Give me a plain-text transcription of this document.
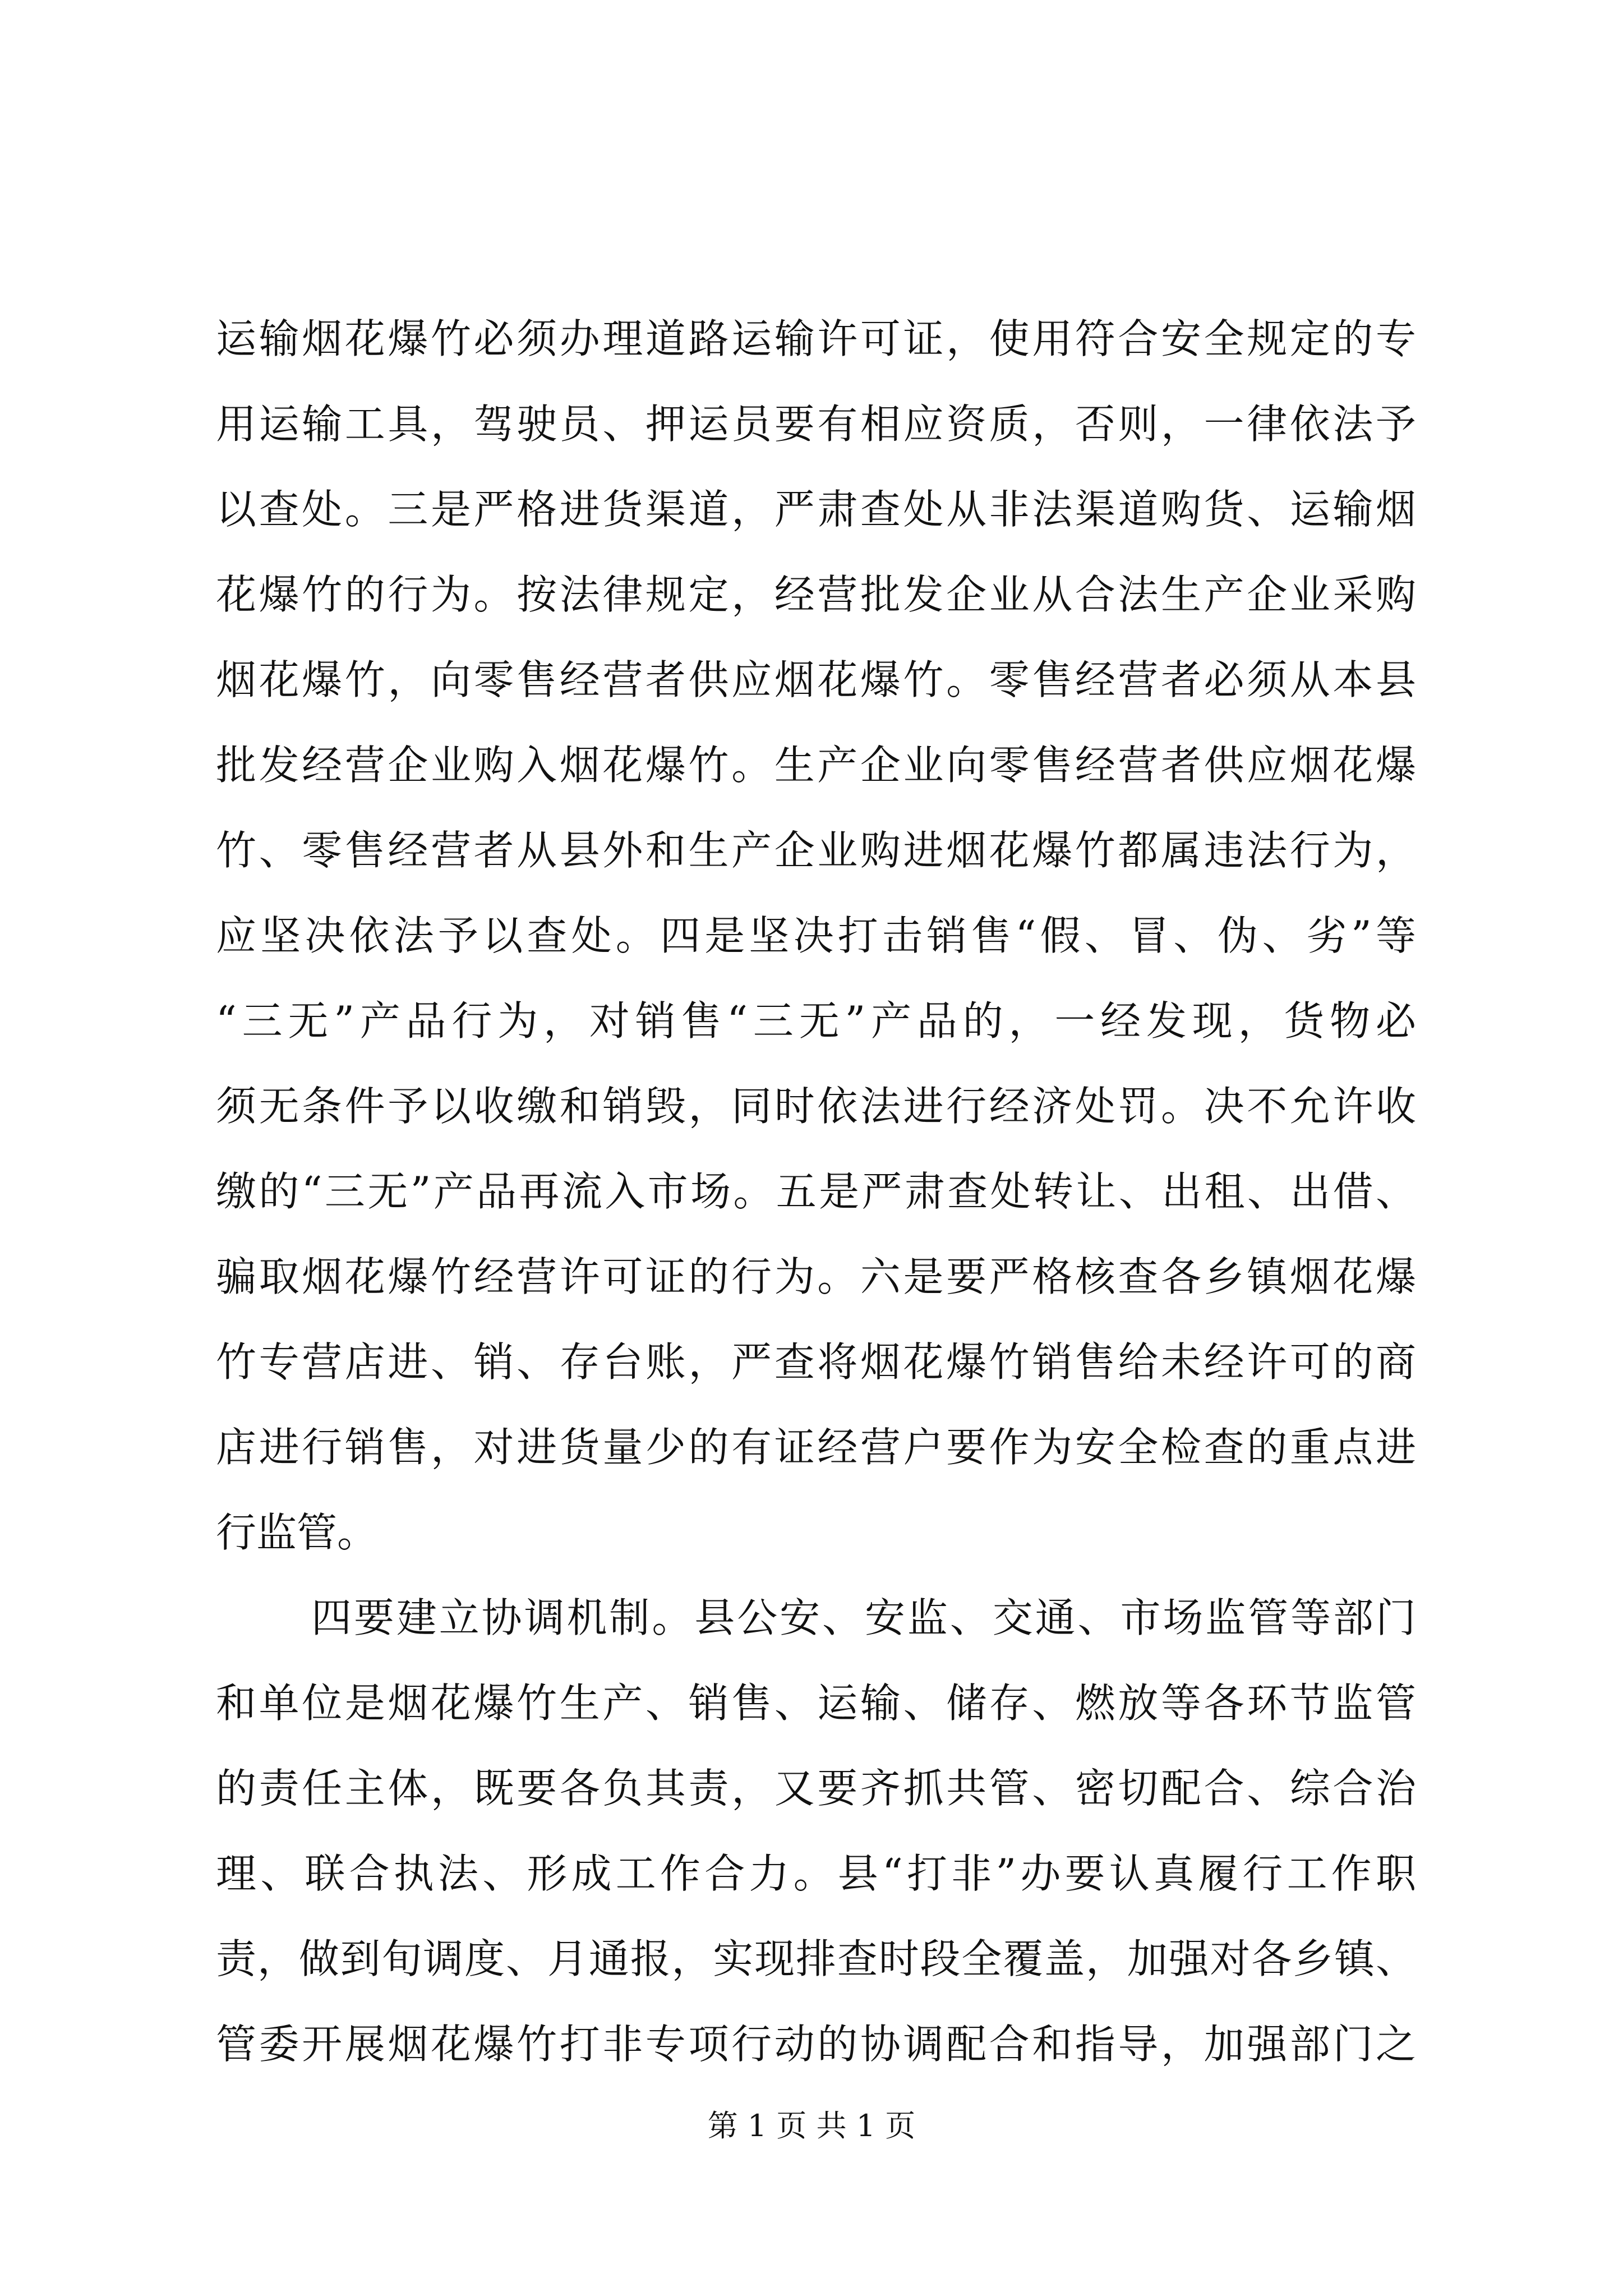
运输烟花爆竹必须办理道路运输许可证，使用符合安全规定的专
用运输工具，驾驶员、押运员要有相应资质，否则，一律依法予
以查处。三是严格进货渠道，严肃查处从非法渠道购货、运输烟
花爆竹的行为。按法律规定，经营批发企业从合法生产企业采购
烟花爆竹，向零售经营者供应烟花爆竹。零售经营者必须从本县
批发经营企业购入烟花爆竹。生产企业向零售经营者供应烟花爆
竹、零售经营者从县外和生产企业购进烟花爆竹都属违法行为，
应坚决依法予以查处。四是坚决打击销售“假、冒、伪、劣”等
“三无”产品行为，对销售“三无”产品的，一经发现，货物必
须无条件予以收缴和销毁，同时依法进行经济处罚。决不允许收
缴的“三无”产品再流入市场。五是严肃查处转让、出租、出借、
骗取烟花爆竹经营许可证的行为。六是要严格核查各乡镇烟花爆
竹专营店进、销、存台账，严查将烟花爆竹销售给未经许可的商
店进行销售，对进货量少的有证经营户要作为安全检查的重点进
行监管。
四要建立协调机制。县公安、安监、交通、市场监管等部门
和单位是烟花爆竹生产、销售、运输、储存、燃放等各环节监管
的责任主体，既要各负其责，又要齐抓共管、密切配合、综合治
理、联合执法、形成工作合力。县“打非”办要认真履行工作职
责，做到旬调度、月通报，实现排查时段全覆盖，加强对各乡镇、
管委开展烟花爆竹打非专项行动的协调配合和指导，加强部门之
第 1 页 共 1 页
